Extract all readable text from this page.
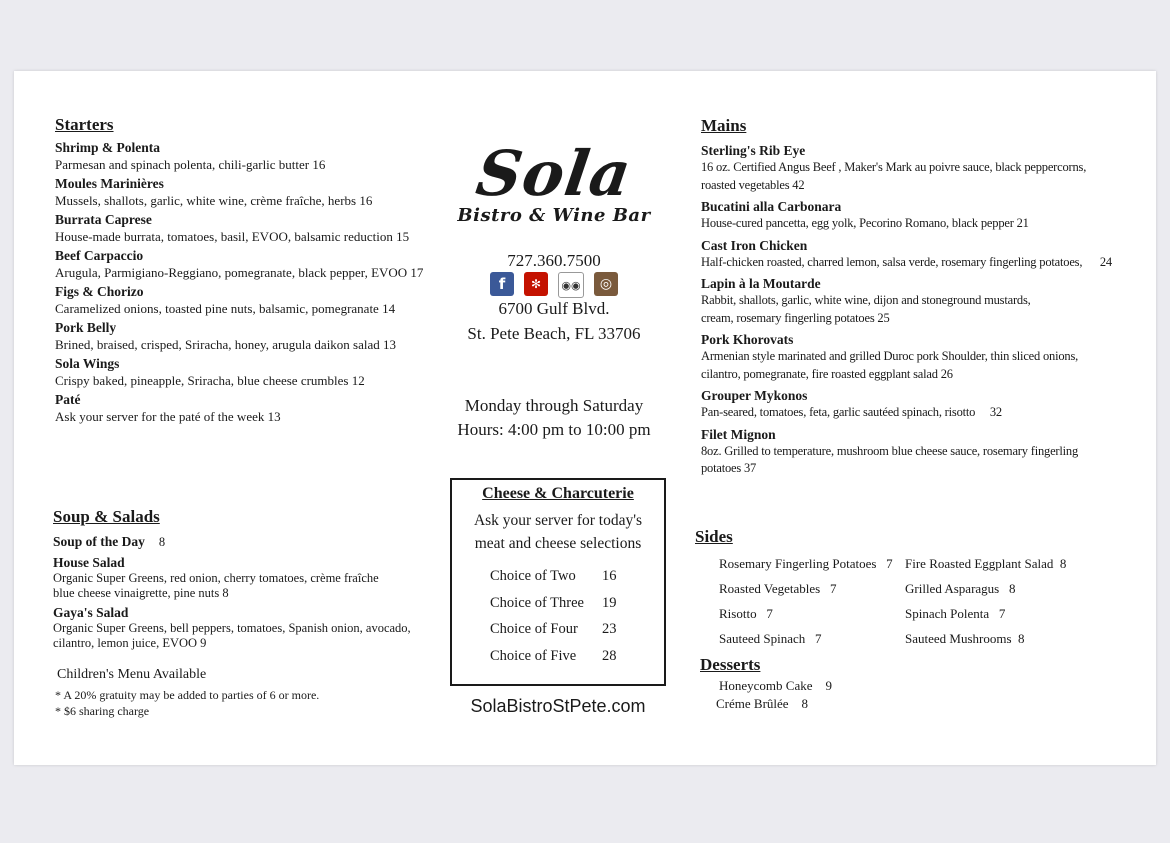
Starters
Shrimp & Polenta
Parmesan and spinach polenta, chili-garlic butter 16
Moules Marinières
Mussels, shallots, garlic, white wine, crème fraîche, herbs 16
Burrata Caprese
House-made burrata, tomatoes, basil, EVOO, balsamic reduction 15
Beef Carpaccio
Arugula, Parmigiano-Reggiano, pomegranate, black pepper, EVOO 17
Figs & Chorizo
Caramelized onions, toasted pine nuts, balsamic, pomegranate 14
Pork Belly
Brined, braised, crisped, Sriracha, honey, arugula daikon salad 13
Sola Wings
Crispy baked, pineapple, Sriracha, blue cheese crumbles 12
Paté
Ask your server for the paté of the week 13
Soup & Salads
Soup of the Day 8
House Salad
Organic Super Greens, red onion, cherry tomatoes, crème fraîche
blue cheese vinaigrette, pine nuts 8
Gaya's Salad
Organic Super Greens, bell peppers, tomatoes, Spanish onion, avocado,
cilantro, lemon juice, EVOO 9
Children's Menu Available
* A 20% gratuity may be added to parties of 6 or more.
* $6 sharing charge
Sola
Bistro & Wine Bar
727.360.7500
f	✻	◉◉	◎
6700 Gulf Blvd.
St. Pete Beach, FL 33706
Monday through Saturday
Hours: 4:00 pm to 10:00 pm
Cheese & Charcuterie
Ask your server for today's
meat and cheese selections
Choice of Two	16
Choice of Three 19
Choice of Four	23
Choice of Five	28
SolaBistroStPete.com
Mains
Sterling's Rib Eye
16 oz. Certified Angus Beef , Maker's Mark au poivre sauce, black peppercorns,
roasted vegetables 42
Bucatini alla Carbonara
House-cured pancetta, egg yolk, Pecorino Romano, black pepper 21
Cast Iron Chicken
Half-chicken roasted, charred lemon, salsa verde, rosemary fingerling potatoes,      24
Lapin à la Moutarde
Rabbit, shallots, garlic, white wine, dijon and stoneground mustards,
cream, rosemary fingerling potatoes 25
Pork Khorovats
Armenian style marinated and grilled Duroc pork Shoulder, thin sliced onions,
cilantro, pomegranate, fire roasted eggplant salad 26
Grouper Mykonos
Pan-seared, tomatoes, feta, garlic sautéed spinach, risotto     32
Filet Mignon
8oz. Grilled to temperature, mushroom blue cheese sauce, rosemary fingerling
potatoes 37
Sides
Rosemary Fingerling Potatoes   7 Fire Roasted Eggplant Salad  8
Roasted Vegetables   7	Grilled Asparagus   8
Risotto   7	Spinach Polenta   7
Sauteed Spinach   7	Sauteed Mushrooms  8
Desserts
Honeycomb Cake    9
Créme Brûlée    8
